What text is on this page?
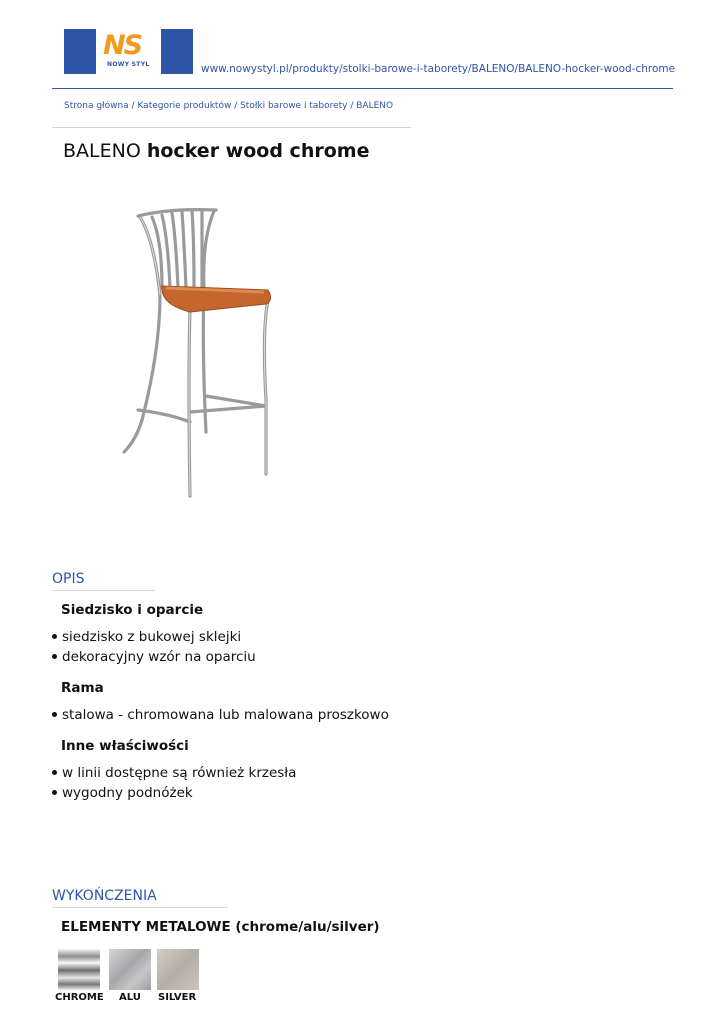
NS
NOWY STYL	www.nowystyl.pl/produkty/stolki-barowe-i-taborety/BALENO/BALENO-hocker-wood-chrome
Strona główna / Kategorie produktów / Stołki barowe i taborety / BALENO
BALENO hocker wood chrome
OPIS
Siedzisko i oparcie
siedzisko z bukowej sklejki
dekoracyjny wzór na oparciu
Rama
stalowa - chromowana lub malowana proszkowo
Inne właściwości
w linii dostępne są również krzesła
wygodny podnóżek
WYKOŃCZENIA
ELEMENTY METALOWE (chrome/alu/silver)
CHROME ALU SILVER
